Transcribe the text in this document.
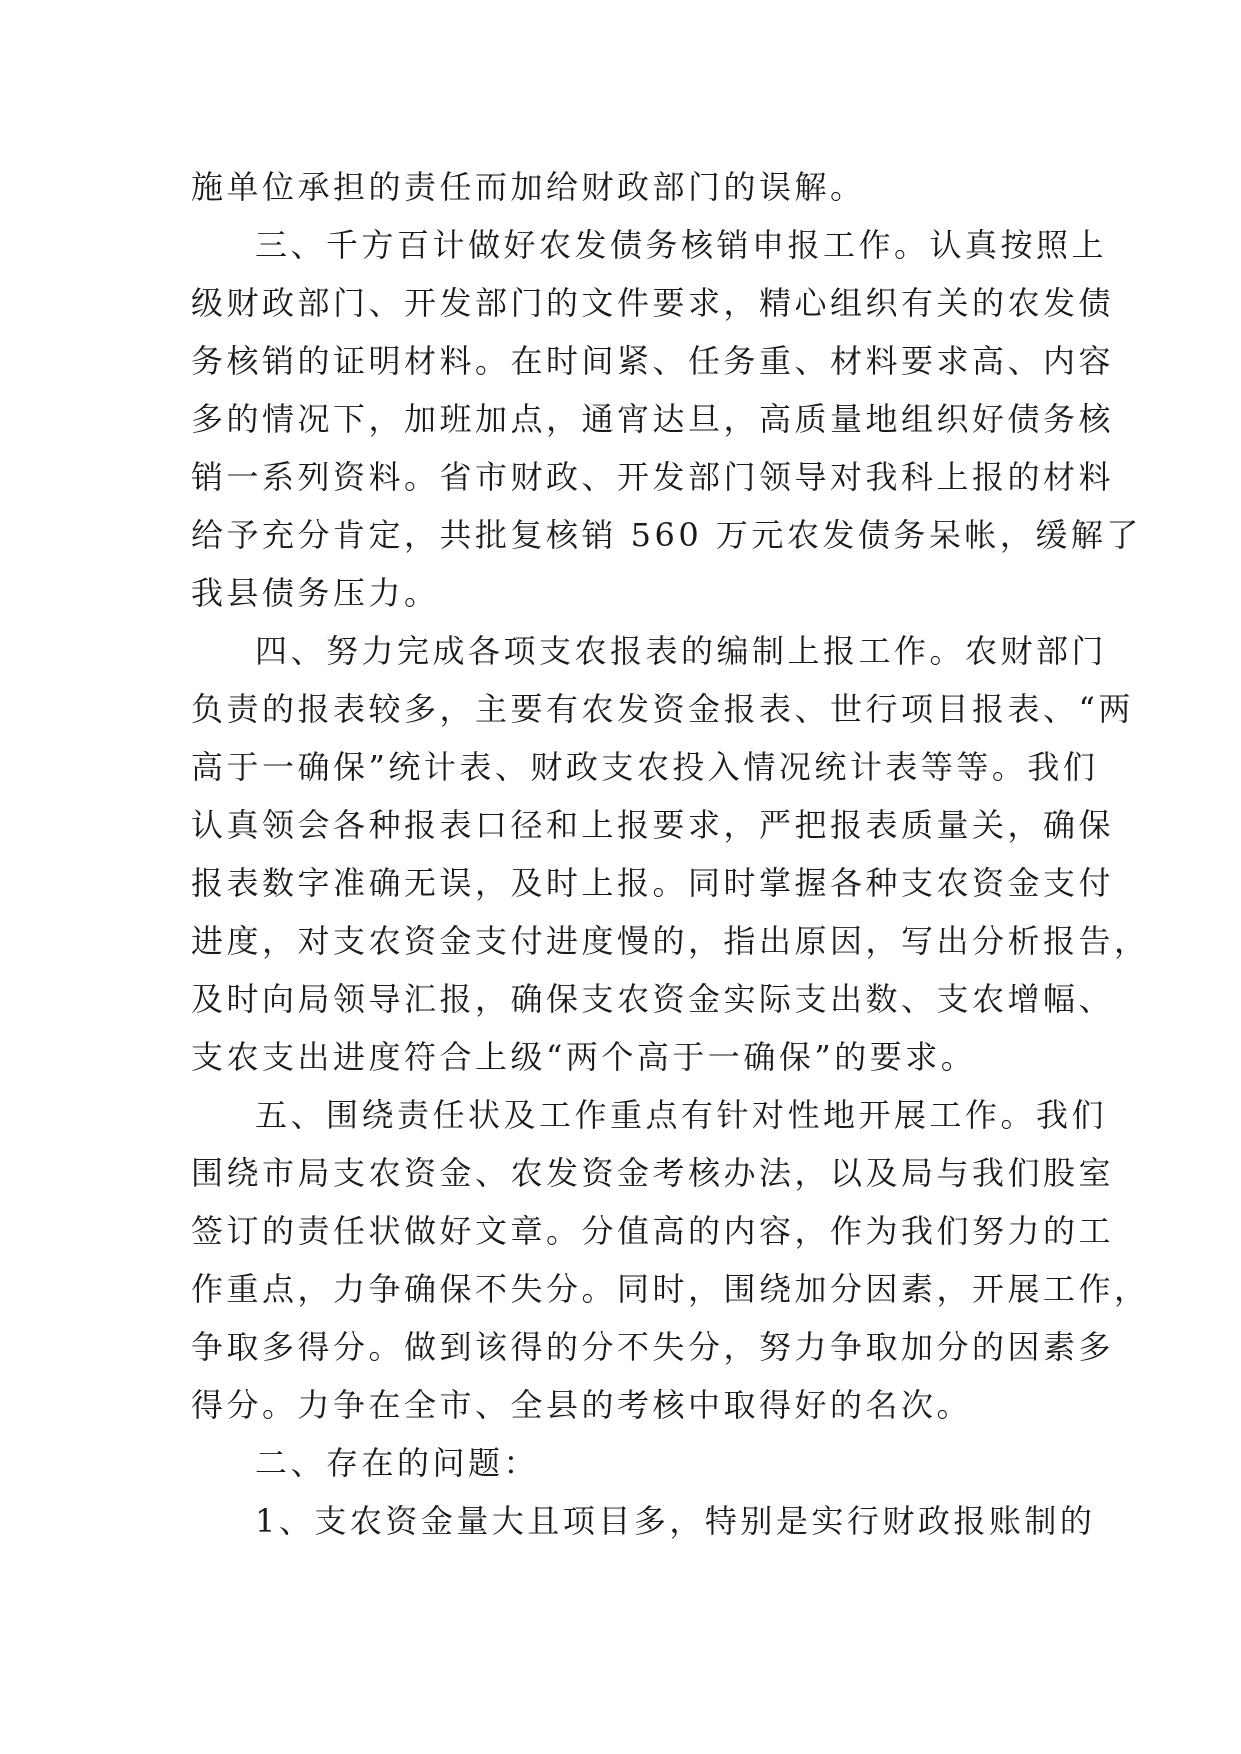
施单位承担的责任而加给财政部门的误解。
三、千方百计做好农发债务核销申报工作。认真按照上
级财政部门、开发部门的文件要求，精心组织有关的农发债
务核销的证明材料。在时间紧、任务重、材料要求高、内容
多的情况下，加班加点，通宵达旦，高质量地组织好债务核
销一系列资料。省市财政、开发部门领导对我科上报的材料
给予充分肯定，共批复核销 560 万元农发债务呆帐，缓解了
我县债务压力。
四、努力完成各项支农报表的编制上报工作。农财部门
负责的报表较多，主要有农发资金报表、世行项目报表、“两
高于一确保”统计表、财政支农投入情况统计表等等。我们
认真领会各种报表口径和上报要求，严把报表质量关，确保
报表数字准确无误，及时上报。同时掌握各种支农资金支付
进度，对支农资金支付进度慢的，指出原因，写出分析报告，
及时向局领导汇报，确保支农资金实际支出数、支农增幅、
支农支出进度符合上级“两个高于一确保”的要求。
五、围绕责任状及工作重点有针对性地开展工作。我们
围绕市局支农资金、农发资金考核办法，以及局与我们股室
签订的责任状做好文章。分值高的内容，作为我们努力的工
作重点，力争确保不失分。同时，围绕加分因素，开展工作，
争取多得分。做到该得的分不失分，努力争取加分的因素多
得分。力争在全市、全县的考核中取得好的名次。
二、存在的问题：
1、支农资金量大且项目多，特别是实行财政报账制的
